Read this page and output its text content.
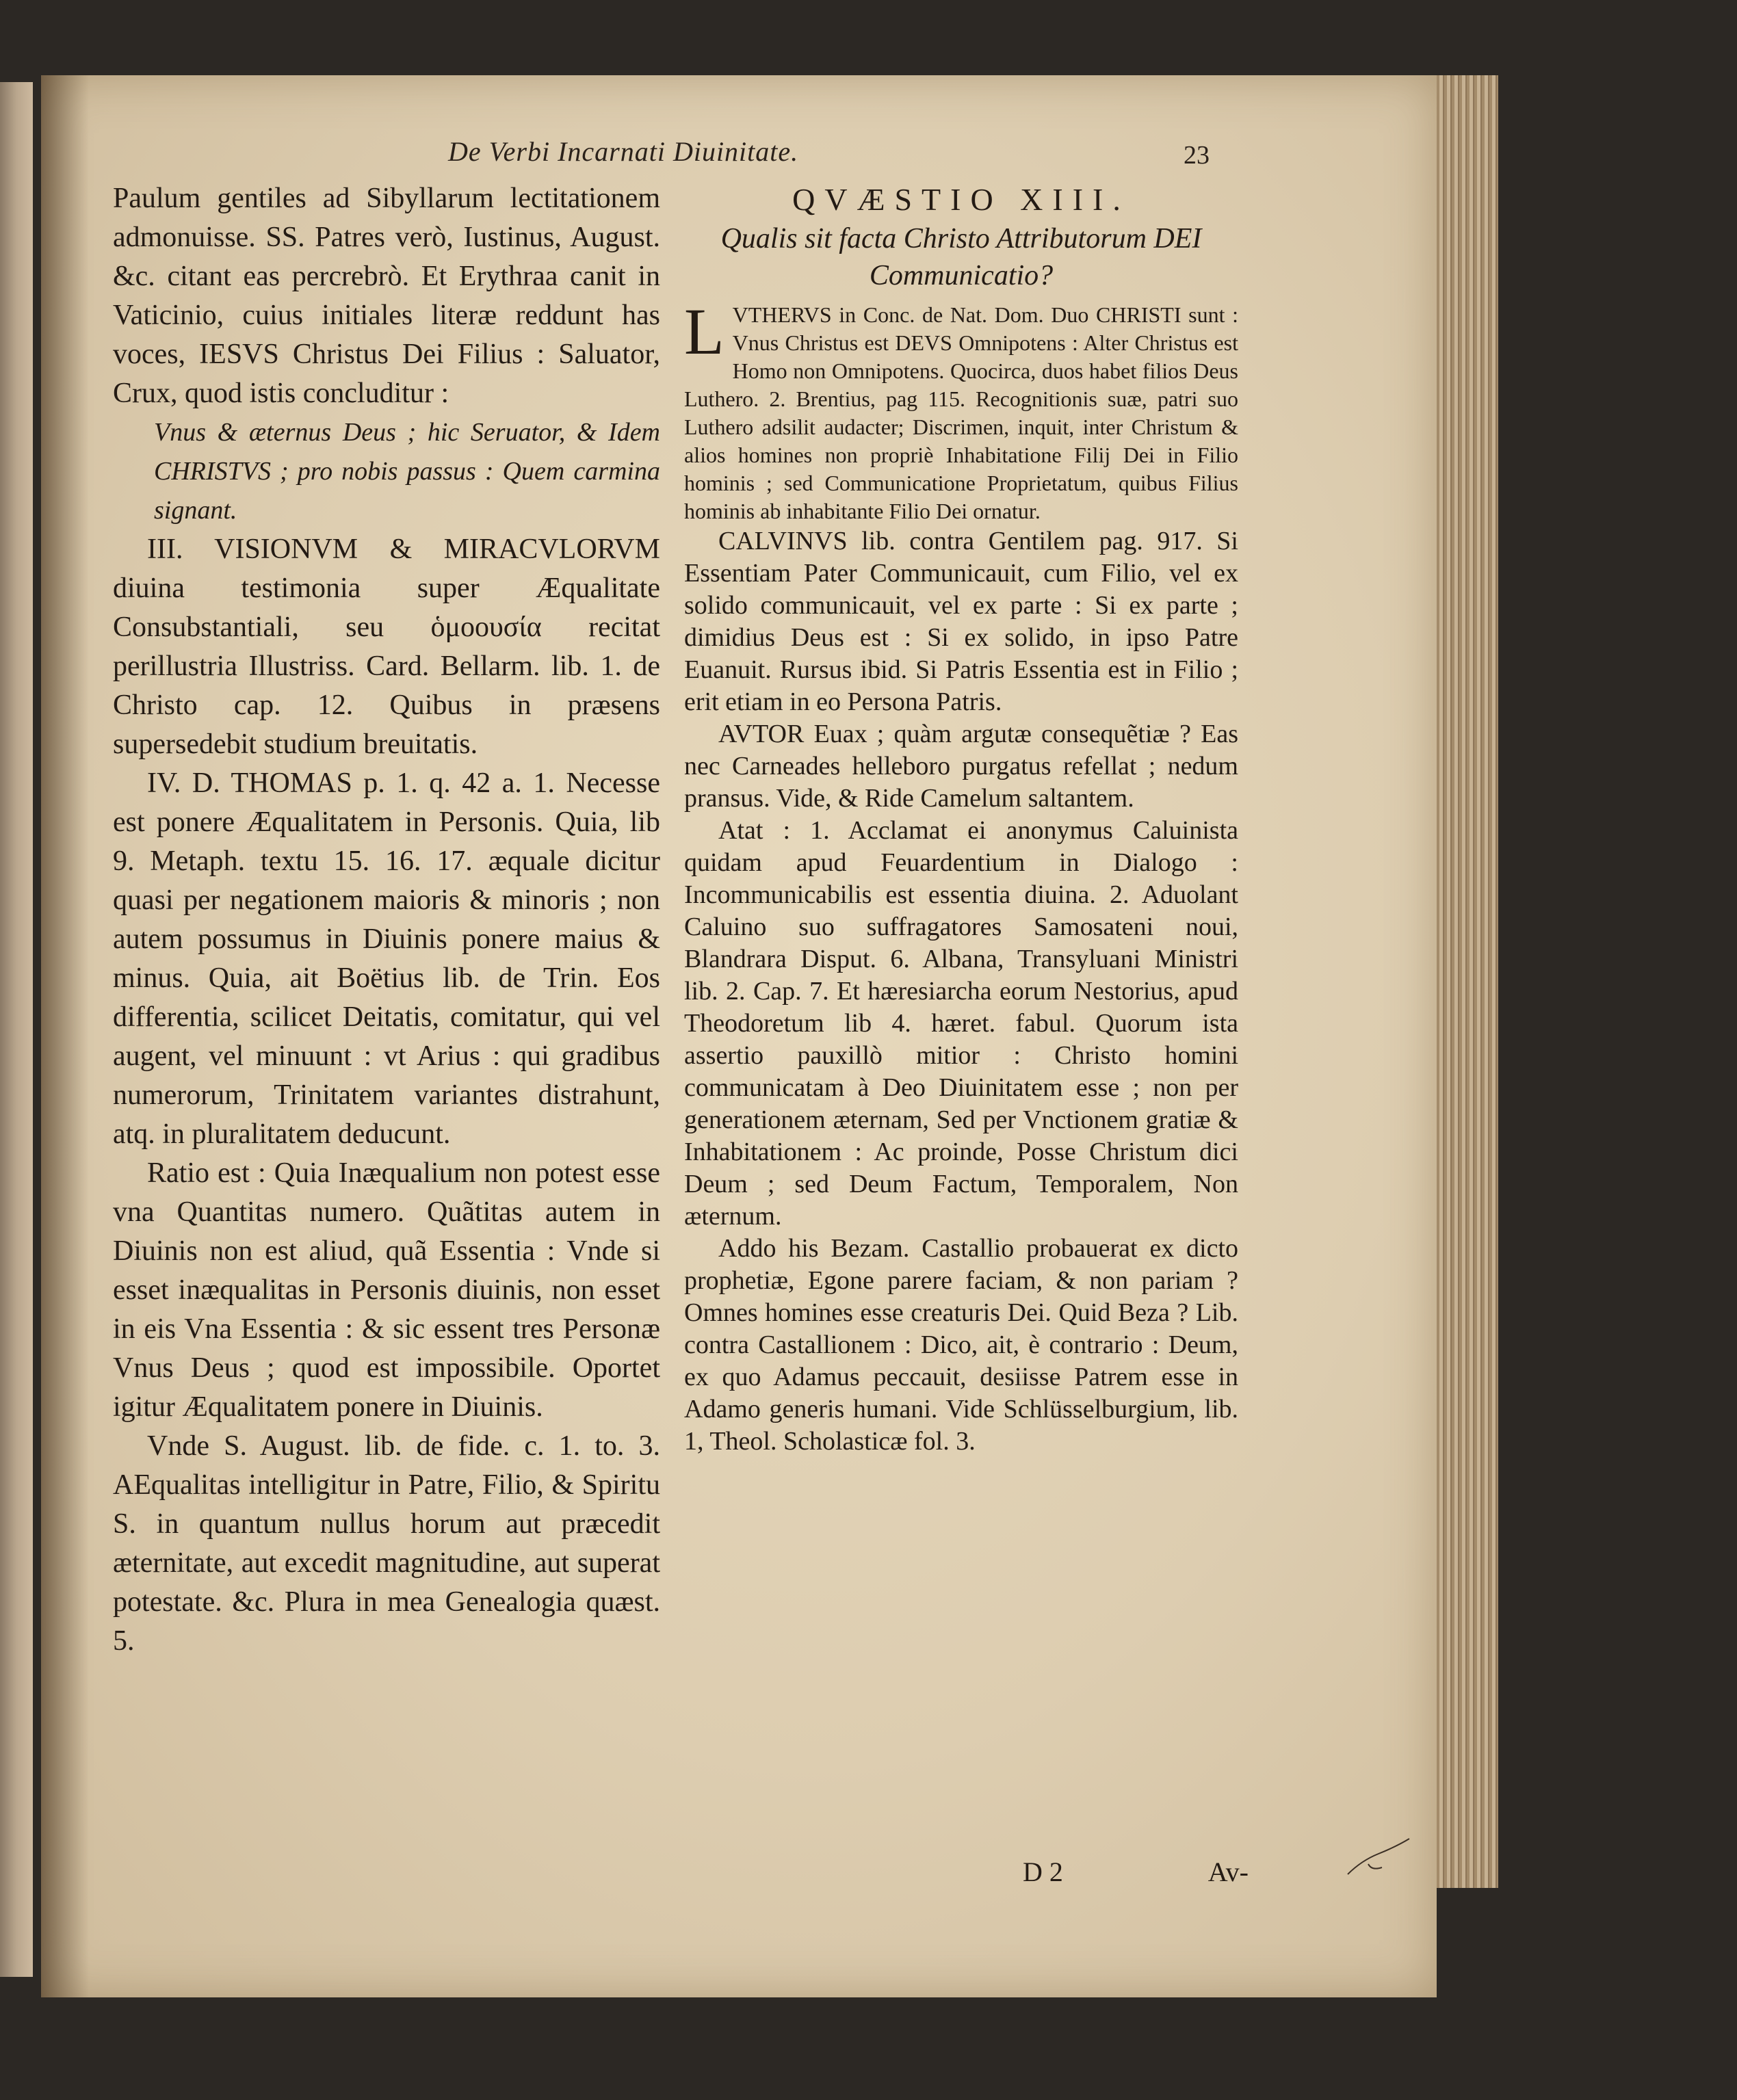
De Verbi Incarnati Diuinitate.	23

Paulum gentiles ad Sibyllarum lectitationem admonuisse. SS. Patres verò, Iustinus, August. &c. citant eas percrebrò. Et Erythraa canit in Vaticinio, cuius initiales literæ reddunt has voces, IESVS Christus Dei Filius : Saluator, Crux, quod istis concluditur :

Vnus & æternus Deus ; hic Seruator, & Idem CHRISTVS ; pro nobis passus : Quem carmina signant.

III. VISIONVM & MIRACVLORVM diuina testimonia super Æqualitate Consubstantiali, seu ὁμοουσία recitat perillustria Illustriss. Card. Bellarm. lib. 1. de Christo cap. 12. Quibus in præsens supersedebit studium breuitatis.

IV. D. THOMAS p. 1. q. 42 a. 1. Necesse est ponere Æqualitatem in Personis. Quia, lib 9. Metaph. textu 15. 16. 17. æquale dicitur quasi per negationem maioris & minoris ; non autem possumus in Diuinis ponere maius & minus. Quia, ait Boëtius lib. de Trin. Eos differentia, scilicet Deitatis, comitatur, qui vel augent, vel minuunt : vt Arius : qui gradibus numerorum, Trinitatem variantes distrahunt, atq. in pluralitatem deducunt.

Ratio est : Quia Inæqualium non potest esse vna Quantitas numero. Quãtitas autem in Diuinis non est aliud, quã Essentia : Vnde si esset inæqualitas in Personis diuinis, non esset in eis Vna Essentia : & sic essent tres Personæ Vnus Deus ; quod est impossibile. Oportet igitur Æqualitatem ponere in Diuinis.

Vnde S. August. lib. de fide. c. 1. to. 3. AEqualitas intelligitur in Patre, Filio, & Spiritu S. in quantum nullus horum aut præcedit æternitate, aut excedit magnitudine, aut superat potestate. &c. Plura in mea Genealogia quæst. 5.

QVÆSTIO XIII.

Qualis sit facta Christo Attributorum DEI Communicatio?

L VTHERVS in Conc. de Nat. Dom. Duo CHRISTI sunt : Vnus Christus est DEVS Omnipotens : Alter Christus est Homo non Omnipotens. Quocirca, duos habet filios Deus Luthero. 2. Brentius, pag 115. Recognitionis suæ, patri suo Luthero adsilit audacter; Discrimen, inquit, inter Christum & alios homines non propriè Inhabitatione Filij Dei in Filio hominis ; sed Communicatione Proprietatum, quibus Filius hominis ab inhabitante Filio Dei ornatur.

CALVINVS lib. contra Gentilem pag. 917. Si Essentiam Pater Communicauit, cum Filio, vel ex solido communicauit, vel ex parte : Si ex parte ; dimidius Deus est : Si ex solido, in ipso Patre Euanuit. Rursus ibid. Si Patris Essentia est in Filio ; erit etiam in eo Persona Patris.

AVTOR Euax ; quàm argutæ consequẽtiæ ? Eas nec Carneades helleboro purgatus refellat ; nedum pransus. Vide, & Ride Camelum saltantem.

Atat : 1. Acclamat ei anonymus Caluinista quidam apud Feuardentium in Dialogo : Incommunicabilis est essentia diuina. 2. Aduolant Caluino suo suffragatores Samosateni noui, Blandrara Disput. 6. Albana, Transyluani Ministri lib. 2. Cap. 7. Et hæresiarcha eorum Nestorius, apud Theodoretum lib 4. hæret. fabul. Quorum ista assertio pauxillò mitior : Christo homini communicatam à Deo Diuinitatem esse ; non per generationem æternam, Sed per Vnctionem gratiæ & Inhabitationem : Ac proinde, Posse Christum dici Deum ; sed Deum Factum, Temporalem, Non æternum.

Addo his Bezam. Castallio probauerat ex dicto prophetiæ, Egone parere faciam, & non pariam ? Omnes homines esse creaturis Dei. Quid Beza ? Lib. contra Castallionem : Dico, ait, è contrario : Deum, ex quo Adamus peccauit, desiisse Patrem esse in Adamo generis humani. Vide Schlüsselburgium, lib. 1, Theol. Scholasticæ fol. 3.

D 2	Av-
